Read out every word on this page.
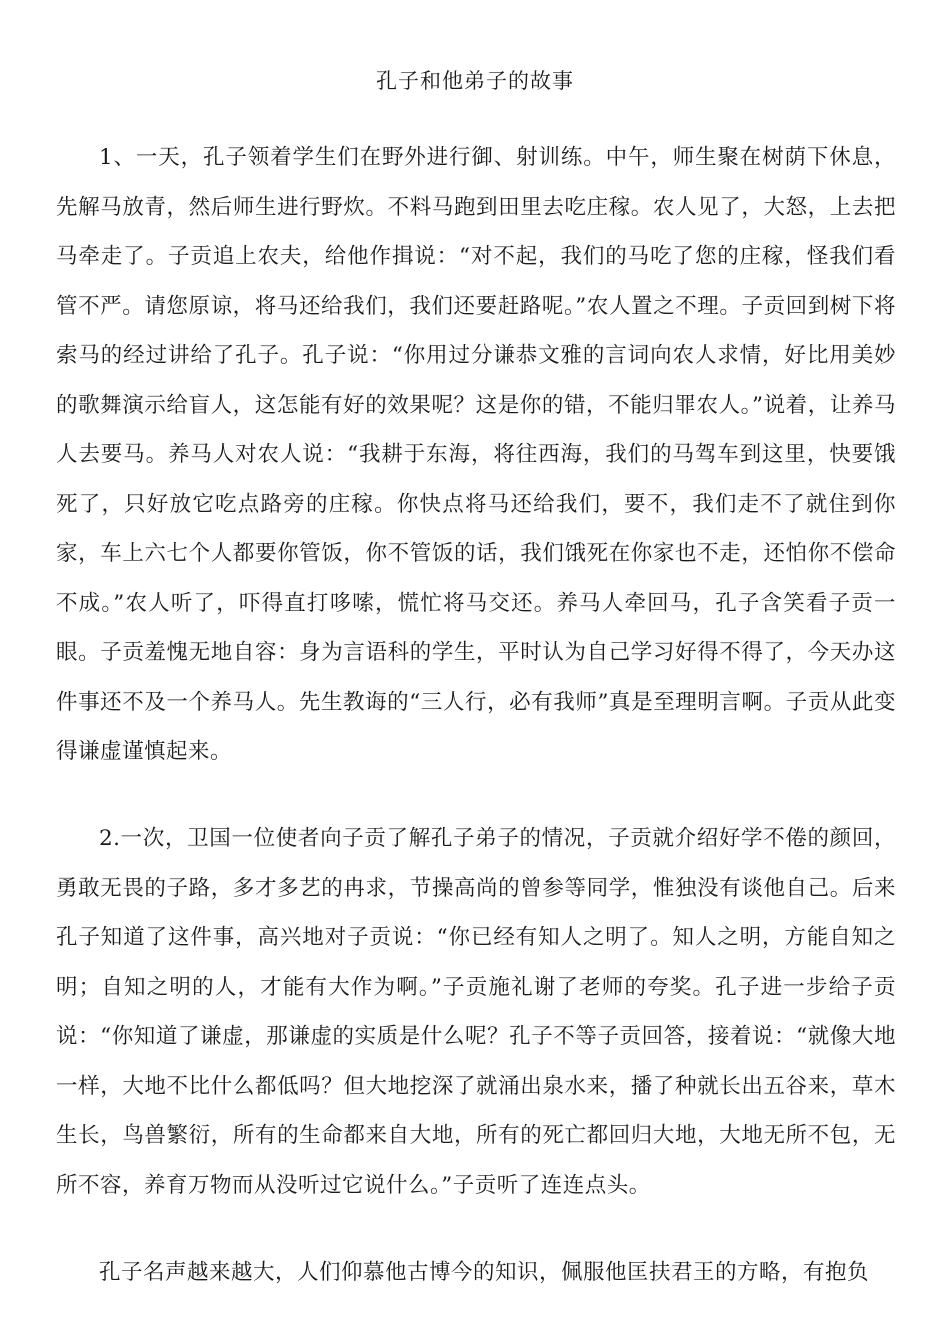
孔子和他弟子的故事

1、一天，孔子领着学生们在野外进行御、射训练。中午，师生聚在树荫下休息，先解马放青，然后师生进行野炊。不料马跑到田里去吃庄稼。农人见了，大怒，上去把马牵走了。子贡追上农夫，给他作揖说：“对不起，我们的马吃了您的庄稼，怪我们看管不严。请您原谅，将马还给我们，我们还要赶路呢。”农人置之不理。子贡回到树下将索马的经过讲给了孔子。孔子说：“你用过分谦恭文雅的言词向农人求情，好比用美妙的歌舞演示给盲人，这怎能有好的效果呢？这是你的错，不能归罪农人。”说着，让养马人去要马。养马人对农人说：“我耕于东海，将往西海，我们的马驾车到这里，快要饿死了，只好放它吃点路旁的庄稼。你快点将马还给我们，要不，我们走不了就住到你家，车上六七个人都要你管饭，你不管饭的话，我们饿死在你家也不走，还怕你不偿命不成。”农人听了，吓得直打哆嗦，慌忙将马交还。养马人牵回马，孔子含笑看子贡一眼。子贡羞愧无地自容：身为言语科的学生，平时认为自己学习好得不得了，今天办这件事还不及一个养马人。先生教诲的“三人行，必有我师”真是至理明言啊。子贡从此变得谦虚谨慎起来。

2.一次，卫国一位使者向子贡了解孔子弟子的情况，子贡就介绍好学不倦的颜回，勇敢无畏的子路，多才多艺的冉求，节操高尚的曾参等同学，惟独没有谈他自己。后来孔子知道了这件事，高兴地对子贡说：“你已经有知人之明了。知人之明，方能自知之明；自知之明的人，才能有大作为啊。”子贡施礼谢了老师的夸奖。孔子进一步给子贡说：“你知道了谦虚，那谦虚的实质是什么呢？孔子不等子贡回答，接着说：“就像大地一样，大地不比什么都低吗？但大地挖深了就涌出泉水来，播了种就长出五谷来，草木生长，鸟兽繁衍，所有的生命都来自大地，所有的死亡都回归大地，大地无所不包，无所不容，养育万物而从没听过它说什么。”子贡听了连连点头。

孔子名声越来越大，人们仰慕他古博今的知识，佩服他匡扶君王的方略，有抱负
